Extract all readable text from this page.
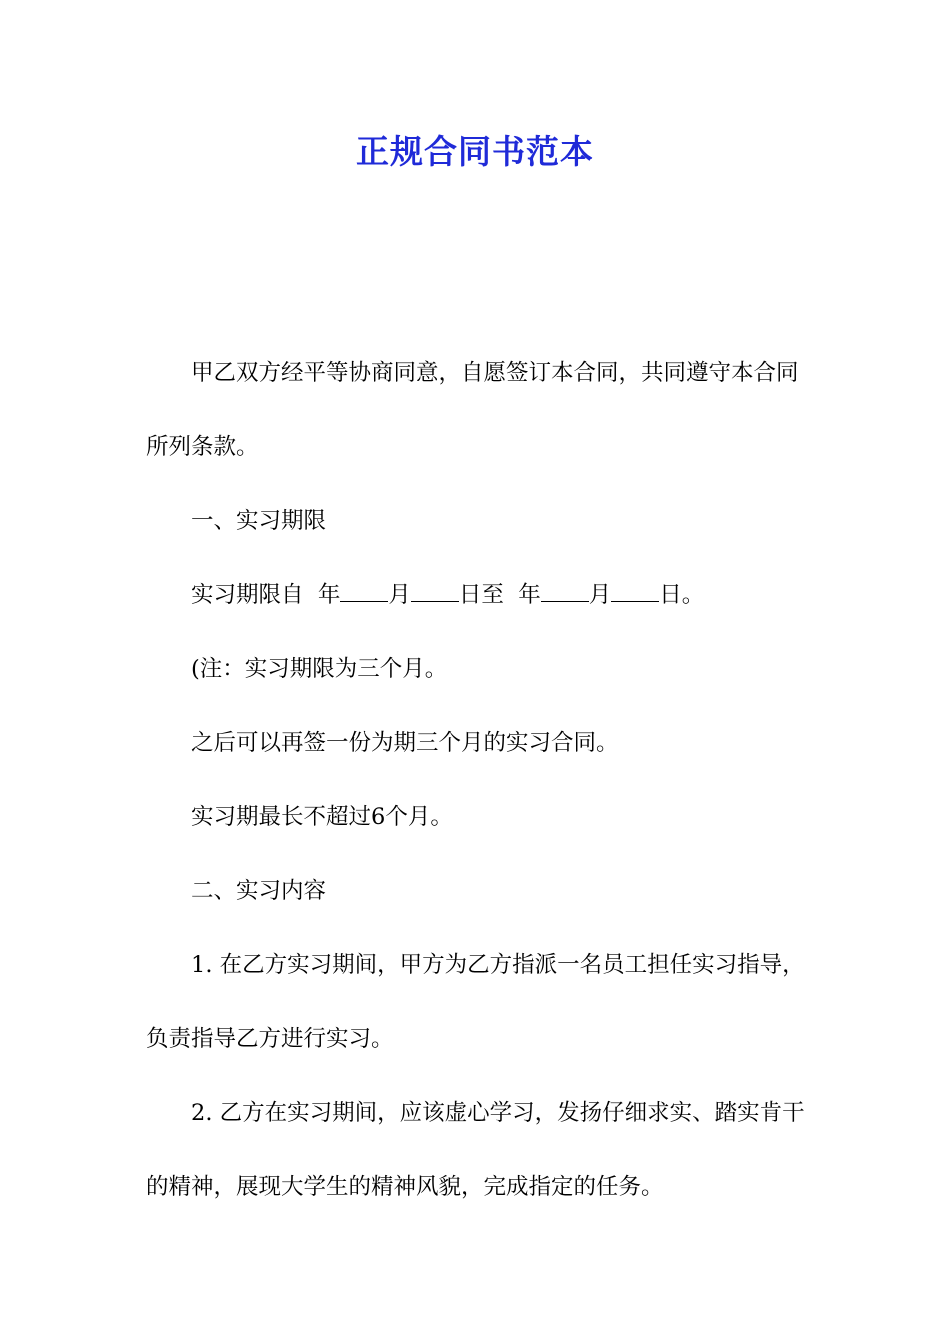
正规合同书范本

甲乙双方经平等协商同意，自愿签订本合同，共同遵守本合同所列条款。

一、实习期限

实习期限自 年 月 日至 年 月 日。

(注：实习期限为三个月。

之后可以再签一份为期三个月的实习合同。

实习期最长不超过6个月。

二、实习内容

1. 在乙方实习期间，甲方为乙方指派一名员工担任实习指导，负责指导乙方进行实习。

2. 乙方在实习期间，应该虚心学习，发扬仔细求实、踏实肯干的精神，展现大学生的精神风貌，完成指定的任务。
